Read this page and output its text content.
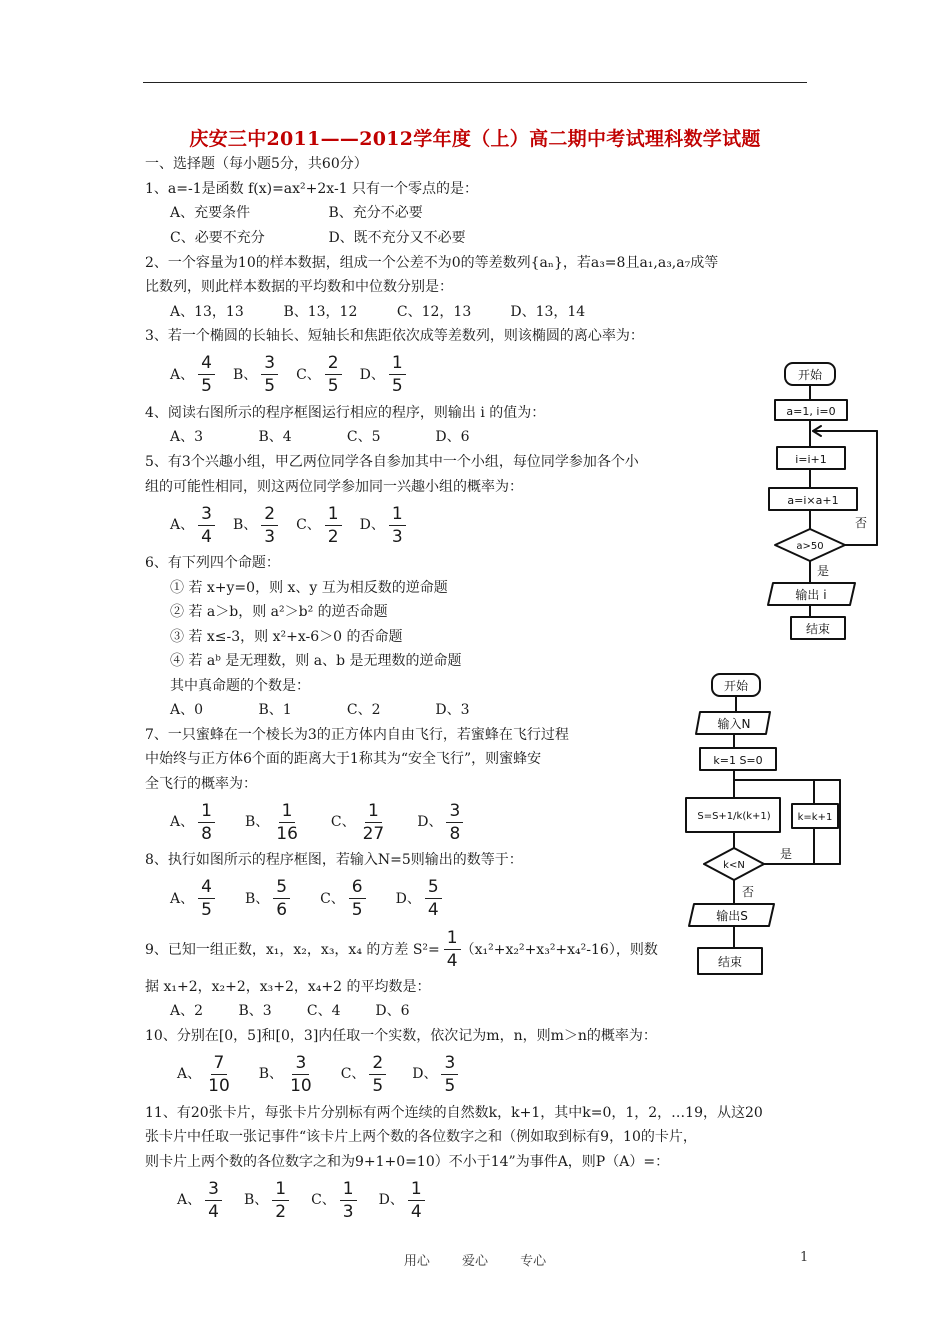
庆安三中2011——2012学年度（上）高二期中考试理科数学试题
一、选择题（每小题5分，共60分）
1、a=-1是函数 f(x)=ax²+2x-1 只有一个零点的是：
A、充要条件	B、充分不必要
C、必要不充分	D、既不充分又不必要
2、一个容量为10的样本数据，组成一个公差不为0的等差数列{aₙ}，若a₃=8且a₁,a₃,a₇成等
比数列，则此样本数据的平均数和中位数分别是：
A、13，13	B、13，12	C、12，13	D、13，14
3、若一个椭圆的长轴长、短轴长和焦距依次成等差数列，则该椭圆的离心率为：
A、 $\frac{4}{5}$ B、 $\frac{3}{5}$ C、 $\frac{2}{5}$ D、 $\frac{1}{5}$
4、阅读右图所示的程序框图运行相应的程序，则输出 i 的值为：
A、3	B、4	C、5	D、6
5、有3个兴趣小组，甲乙两位同学各自参加其中一个小组，每位同学参加各个小
组的可能性相同，则这两位同学参加同一兴趣小组的概率为：
A、 $\frac{3}{4}$ B、 $\frac{2}{3}$ C、 $\frac{1}{2}$ D、 $\frac{1}{3}$
6、有下列四个命题：
① 若 x+y=0，则 x、y 互为相反数的逆命题
② 若 a＞b，则 a²＞b² 的逆否命题
③ 若 x≤-3，则 x²+x-6＞0 的否命题
④ 若 aᵇ 是无理数，则 a、b 是无理数的逆命题
其中真命题的个数是：
A、0	B、1	C、2	D、3
7、一只蜜蜂在一个棱长为3的正方体内自由飞行，若蜜蜂在飞行过程
中始终与正方体6个面的距离大于1称其为“安全飞行”，则蜜蜂安
全飞行的概率为：
A、 $\frac{1}{8}$ B、 $\frac{1}{16}$ C、 $\frac{1}{27}$ D、 $\frac{3}{8}$
8、执行如图所示的程序框图，若输入N=5则输出的数等于：
A、 $\frac{4}{5}$ B、 $\frac{5}{6}$ C、 $\frac{6}{5}$ D、 $\frac{5}{4}$
9、已知一组正数，x₁，x₂，x₃，x₄ 的方差 $S^2= \frac{1}{4} (x_1^2+x_2^2+x_3^2+x_4^2-16)$，则数
据 x₁+2，x₂+2，x₃+2，x₄+2 的平均数是：
A、2	B、3	C、4 D、6
10、分别在[0，5]和[0，3]内任取一个实数，依次记为m，n，则m＞n的概率为：
A、 $\frac{7}{10}$ B、 $\frac{3}{10}$ C、 $\frac{2}{5}$ D、 $\frac{3}{5}$
11、有20张卡片，每张卡片分别标有两个连续的自然数k，k+1，其中k=0，1，2，…19，从这20
张卡片中任取一张记事件“该卡片上两个数的各位数字之和（例如取到标有9，10的卡片，
则卡片上两个数的各位数字之和为9+1+0=10）不小于14”为事件A，则P（A）=：
A、 $\frac{3}{4}$ B、 $\frac{1}{2}$ C、 $\frac{1}{3}$ D、 $\frac{1}{4}$
开始
a=1, i=0
i=i+1
a=i×a+1
a>50
否
是
输出 i
结束
开始
输入N
k=1 S=0
S=S+1/k(k+1)	k=k+1
k<N
是
否
输出S
结束
用心 爱心 专心	1
